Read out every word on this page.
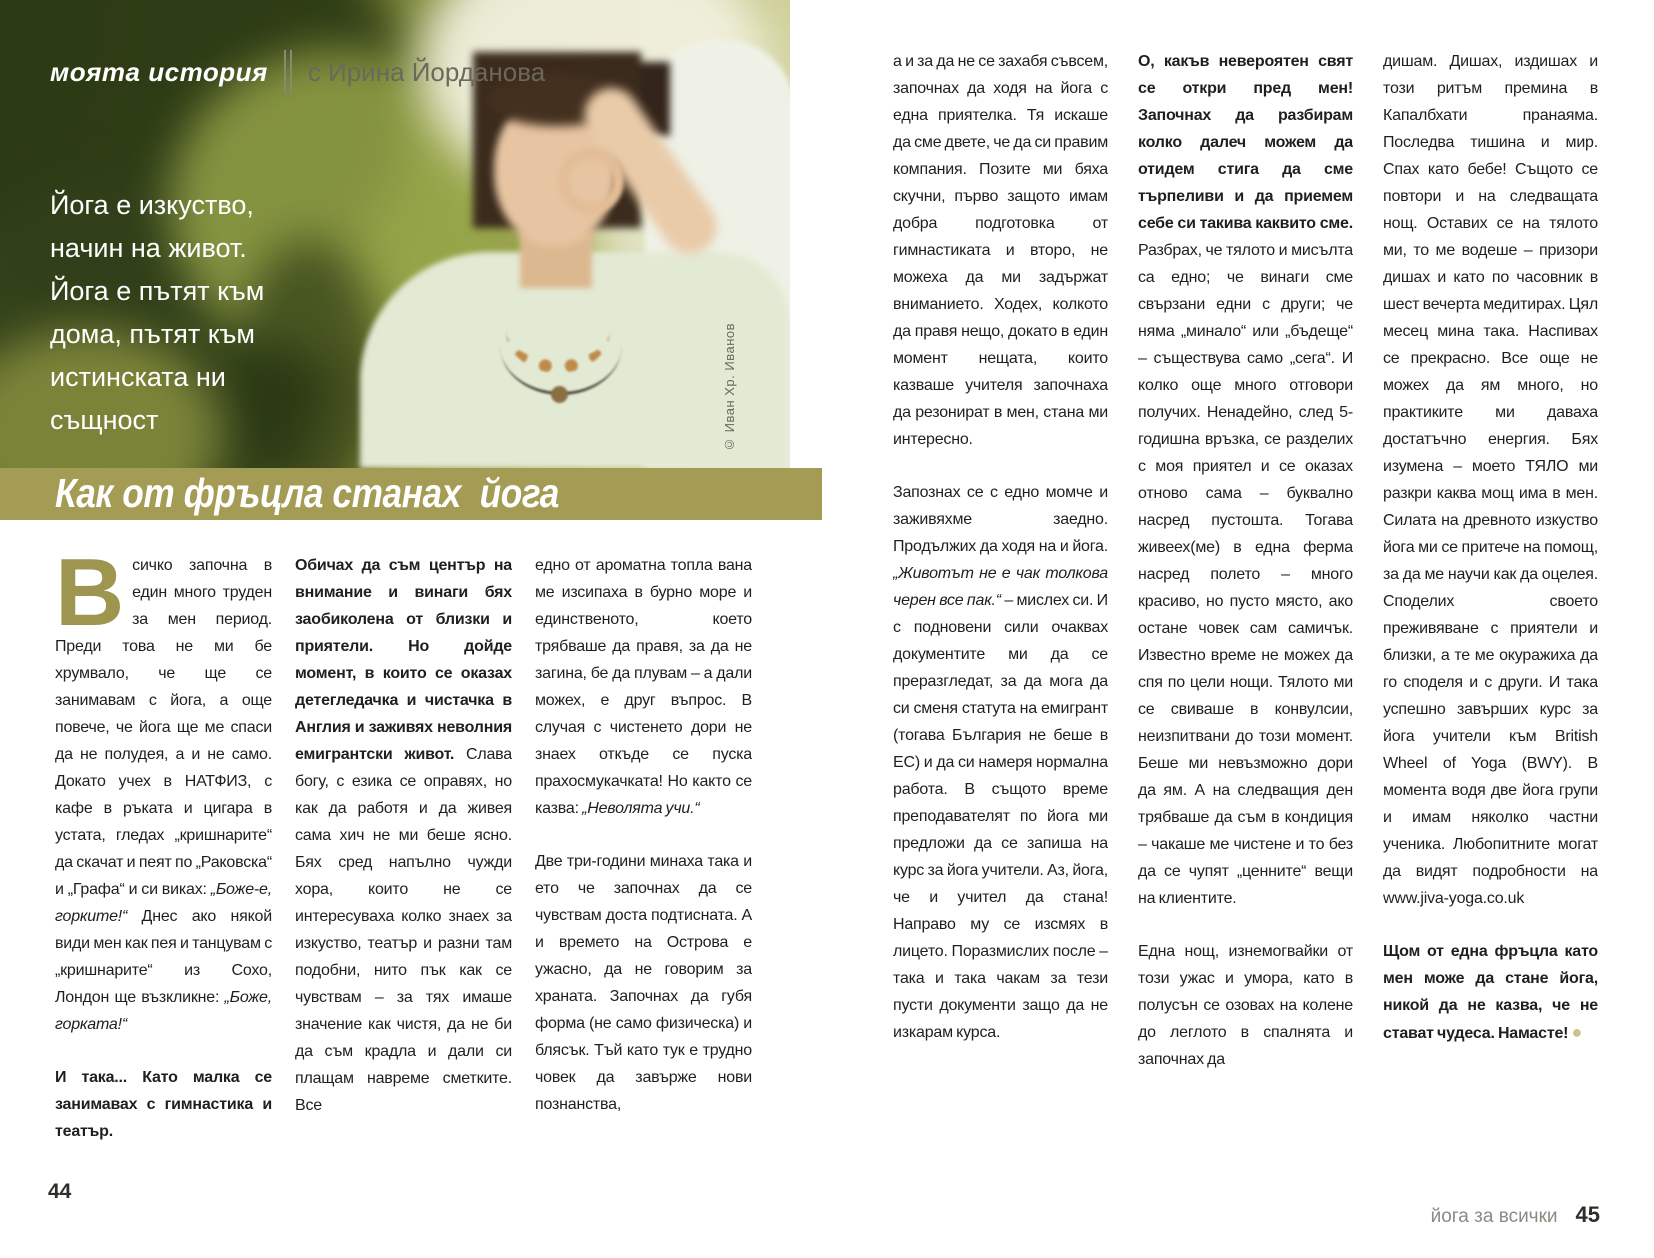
моята история с Ирина Йорданова
Йога е изкуство,
начин на живот.
Йога е пътят към
дома, пътят към
истинската ни
същност	© Иван Хр. Иванов
Как от фръцла станах  йога

Всичко започна в един много труден за мен период. Преди това не ми бе хрумвало, че ще се занимавам с йога, а още повече, че йога ще ме спаси да не полудея, а и не само. Докато учех в НАТФИЗ, с кафе в ръката и цигара в устата, гледах „кришнарите“ да скачат и пеят по „Раковска“ и „Графа“ и си виках: „Боже-е, горките!“ Днес ако някой види мен как пея и танцувам с „кришнарите“ из Сохо, Лондон ще възкликне: „Боже, горката!“

И така... Като малка се занимавах с гимнастика и театър.

Обичах да съм център на внимание и винаги бях заобиколена от близки и приятели. Но дойде момент, в които се оказах детегледачка и чистачка в Англия и заживях неволния емигрантски живот. Слава богу, с езика се оправях, но как да работя и да живея сама хич не ми беше ясно. Бях сред напълно чужди хора, които не се интересуваха колко знаех за изкуство, театър и разни там подобни, нито пък как се чувствам – за тях имаше значение как чистя, да не би да съм крадла и дали си плащам навреме сметките. Все

едно от ароматна топла вана ме изсипаха в бурно море и единственото, което трябваше да правя, за да не загина, бе да плувам – а дали можех, е друг въпрос. В случая с чистенето дори не знаех откъде се пуска прахосмукачката! Но както се казва: „Неволята учи.“

Две три-години минаха така и ето че започнах да се чувствам доста подтисната. А и времето на Острова е ужасно, да не говорим за храната. Започнах да губя форма (не само физическа) и блясък. Тъй като тук е трудно човек да завърже нови познанства,

а и за да не се захабя съвсем, започнах да ходя на йога с една приятелка. Тя искаше да сме двете, че да си правим компания. Позите ми бяха скучни, първо защото имам добра подготовка от гимнастиката и второ, не можеха да ми задържат вниманието. Ходех, колкото да правя нещо, докато в един момент нещата, които казваше учителя започнаха да резонират в мен, стана ми интересно.

Запознах се с едно момче и заживяхме заедно. Продължих да ходя на и йога. „Животът не е чак толкова черен все пак.“ – мислех си. И с подновени сили очаквах документите ми да се преразгледат, за да мога да си сменя статута на емигрант (тогава България не беше в ЕС) и да си намеря нормална работа. В същото време преподавателят по йога ми предложи да се запиша на курс за йога учители. Аз, йога, че и учител да стана! Направо му се изсмях в лицето. Поразмислих после – така и така чакам за тези пусти документи защо да не изкарам курса.

О, какъв невероятен свят се откри пред мен! Започнах да разбирам колко далеч можем да отидем стига да сме търпеливи и да приемем себе си такива каквито сме. Разбрах, че тялото и мисълта са едно; че винаги сме свързани едни с други; че няма „минало“ или „бъдеще“ – съществува само „сега“. И колко още много отговори получих. Ненадейно, след 5-годишна връзка, се разделих с моя приятел и се оказах отново сама – буквално насред пустошта. Тогава живеех(ме) в една ферма насред полето – много красиво, но пусто място, ако остане човек сам самичък. Известно време не можех да спя по цели нощи. Тялото ми се свиваше в конвулсии, неизпитвани до този момент. Беше ми невъзможно дори да ям. А на следващия ден трябваше да съм в кондиция – чакаше ме чистене и то без да се чупят „ценните“ вещи на клиентите.

Една нощ, изнемогвайки от този ужас и умора, като в полусън се озовах на колене до леглото в спалнята и започнах да

дишам. Дишах, издишах и този ритъм премина в Капалбхати пранаяма. Последва тишина и мир. Спах като бебе! Същото се повтори и на следващата нощ. Оставих се на тялото ми, то ме водеше – призори дишах и като по часовник в шест вечерта медитирах. Цял месец мина така. Наспивах се прекрасно. Все още не можех да ям много, но практиките ми даваха достатъчно енергия. Бях изумена – моето ТЯЛО ми разкри каква мощ има в мен. Силата на древното изкуство йога ми се притече на помощ, за да ме научи как да оцелея. Споделих своето преживяване с приятели и близки, а те ме окуражиха да го споделя и с други. И така успешно завърших курс за йога учители към British Wheel of Yoga (BWY). В момента водя две йога групи и имам няколко частни ученика. Любопитните могат да видят подробности на www.jiva-yoga.co.uk

Щом от една фръцла като мен може да стане йога, никой да не казва, че не стават чудеса. Намасте! ●

44
йога за всички 45
